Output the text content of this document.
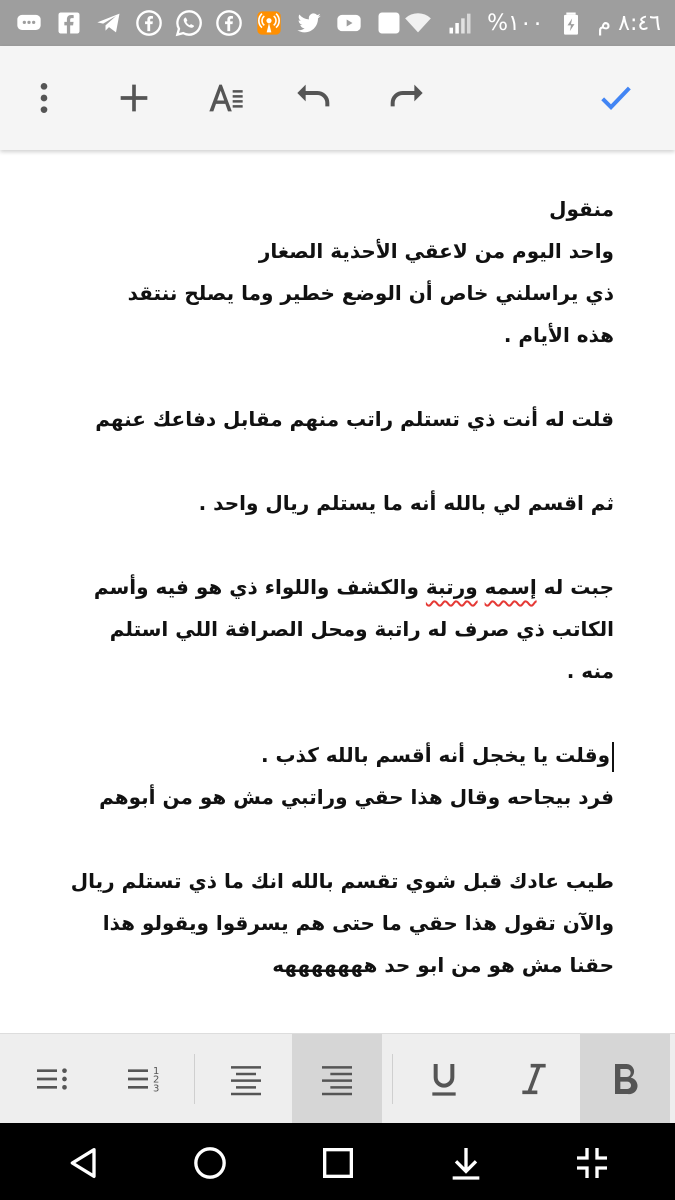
%١٠٠ ٨:٤٦ م

منقول

واحد اليوم من لاعقي الأحذية الصغار

ذي يراسلني خاص أن الوضع خطير وما يصلح ننتقد

هذه الأيام .

قلت له أنت ذي تستلم راتب منهم مقابل دفاعك عنهم

ثم اقسم لي بالله أنه ما يستلم ريال واحد .

جبت له إسمه ورتبة والكشف واللواء ذي هو فيه وأسم

الكاتب ذي صرف له راتبة ومحل الصرافة اللي استلم

منه .

وقلت يا يخجل أنه أقسم بالله كذب .

فرد بيجاحه وقال هذا حقي وراتبي مش هو من أبوهم

طيب عادك قبل شوي تقسم بالله انك ما ذي تستلم ريال

والآن تقول هذا حقي ما حتى هم يسرقوا ويقولو هذا

حقنا مش هو من ابو حد هههههههه

1
2
3
